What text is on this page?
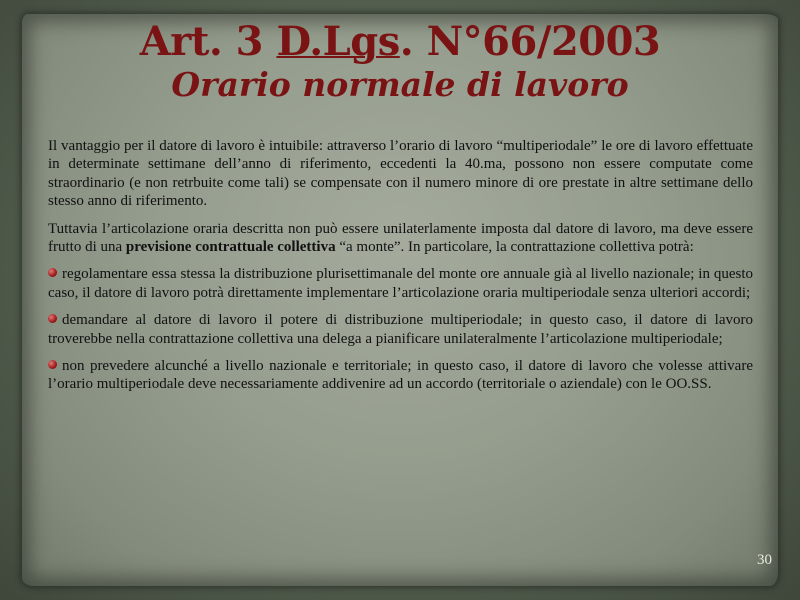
Art. 3 D.Lgs. N°66/2003
Orario normale di lavoro

Il vantaggio per il datore di lavoro è intuibile: attraverso l’orario di lavoro “multiperiodale” le ore di lavoro effettuate in determinate settimane dell’anno di riferimento, eccedenti la 40.ma, possono non essere computate come straordinario (e non retrbuite come tali) se compensate con il numero minore di ore prestate in altre settimane dello stesso anno di riferimento.

Tuttavia l’articolazione oraria descritta non può essere unilaterlamente imposta dal datore di lavoro, ma deve essere frutto di una previsione contrattuale collettiva “a monte”. In particolare, la contrattazione collettiva potrà:

regolamentare essa stessa la distribuzione plurisettimanale del monte ore annuale già al livello nazionale; in questo caso, il datore di lavoro potrà direttamente implementare l’articolazione oraria multiperiodale senza ulteriori accordi;

demandare al datore di lavoro il potere di distribuzione multiperiodale; in questo caso, il datore di lavoro troverebbe nella contrattazione collettiva una delega a pianificare unilateralmente l’articolazione multiperiodale;

non prevedere alcunché a livello nazionale e territoriale; in questo caso, il datore di lavoro che volesse attivare l’orario multiperiodale deve necessariamente addivenire ad un accordo (territoriale o aziendale) con le OO.SS.

30
